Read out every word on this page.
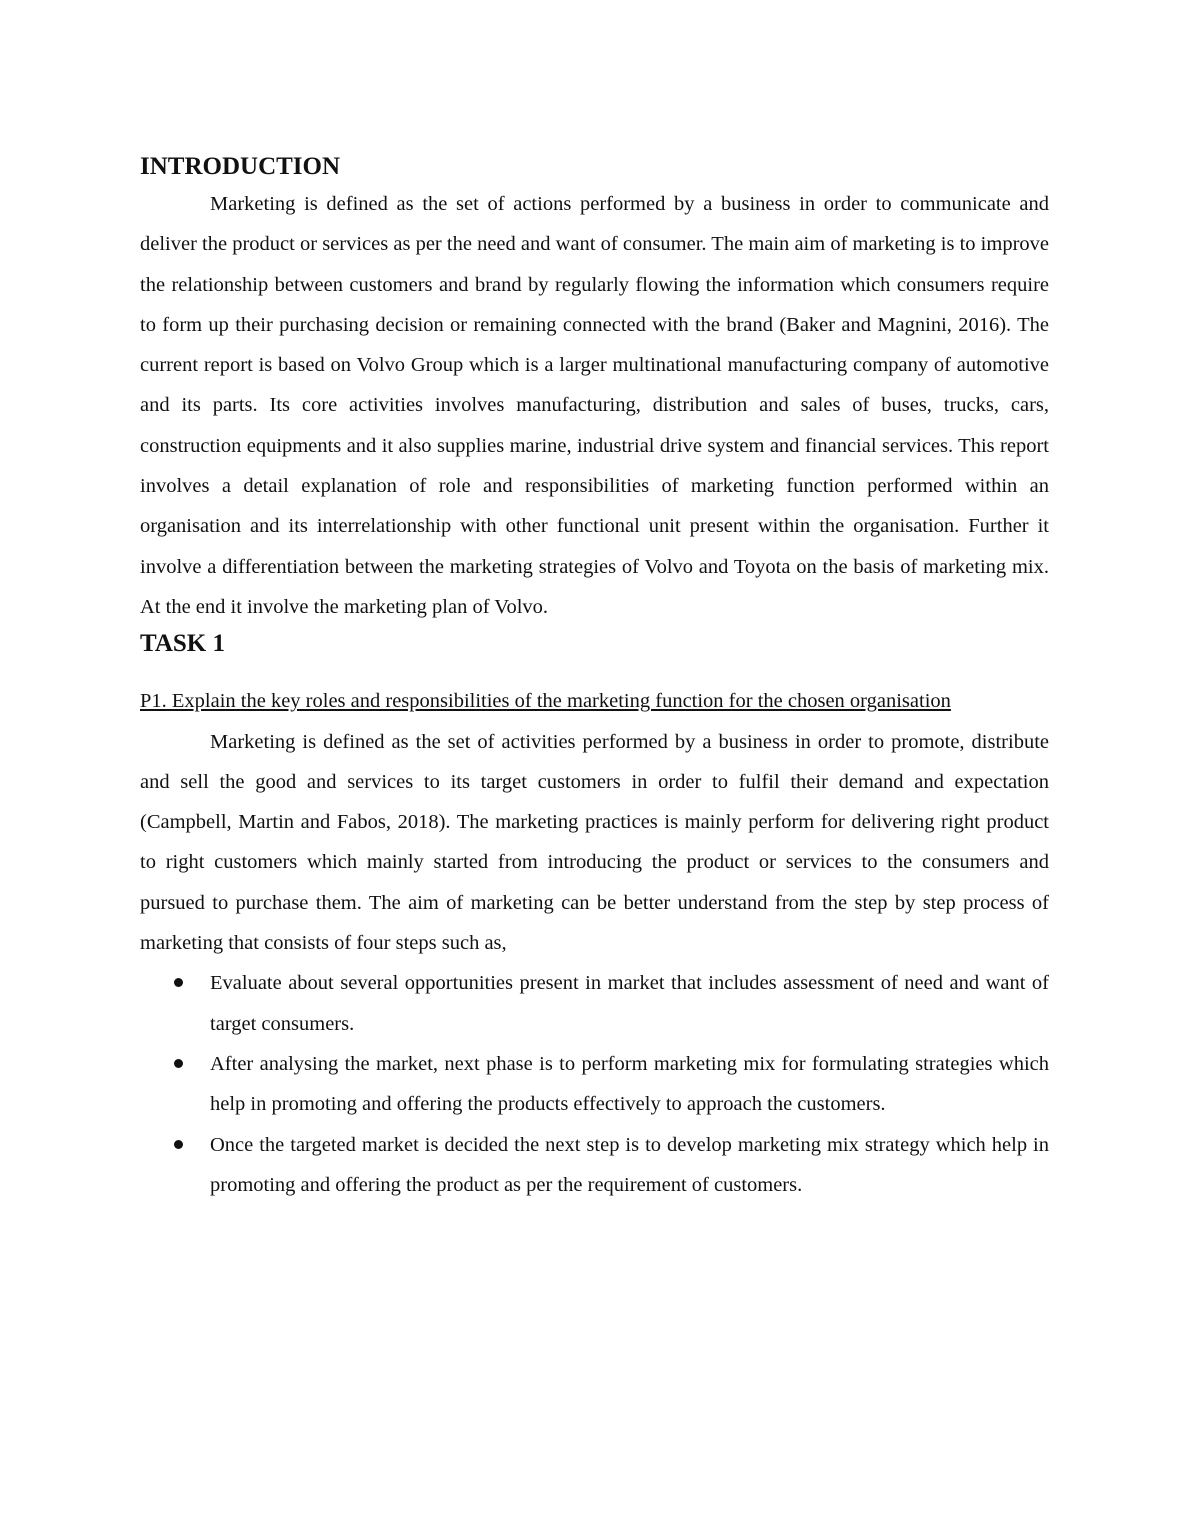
INTRODUCTION

Marketing is defined as the set of actions performed by a business in order to communicate and deliver the product or services as per the need and want of consumer. The main aim of marketing is to improve the relationship between customers and brand by regularly flowing the information which consumers require to form up their purchasing decision or remaining connected with the brand (Baker and Magnini, 2016). The current report is based on Volvo Group which is a larger multinational manufacturing company of automotive and its parts. Its core activities involves manufacturing, distribution and sales of buses, trucks, cars, construction equipments and it also supplies marine, industrial drive system and financial services. This report involves a detail explanation of role and responsibilities of marketing function performed within an organisation and its interrelationship with other functional unit present within the organisation. Further it involve a differentiation between the marketing strategies of Volvo and Toyota on the basis of marketing mix. At the end it involve the marketing plan of Volvo.

TASK 1
P1. Explain the key roles and responsibilities of the marketing function for the chosen organisation

Marketing is defined as the set of activities performed by a business in order to promote, distribute and sell the good and services to its target customers in order to fulfil their demand and expectation (Campbell, Martin and Fabos, 2018). The marketing practices is mainly perform for delivering right product to right customers which mainly started from introducing the product or services to the consumers and pursued to purchase them. The aim of marketing can be better understand from the step by step process of marketing that consists of four steps such as,

Evaluate about several opportunities present in market that includes assessment of need and want of target consumers.
After analysing the market, next phase is to perform marketing mix for formulating strategies which help in promoting and offering the products effectively to approach the customers.
Once the targeted market is decided the next step is to develop marketing mix strategy which help in promoting and offering the product as per the requirement of customers.
